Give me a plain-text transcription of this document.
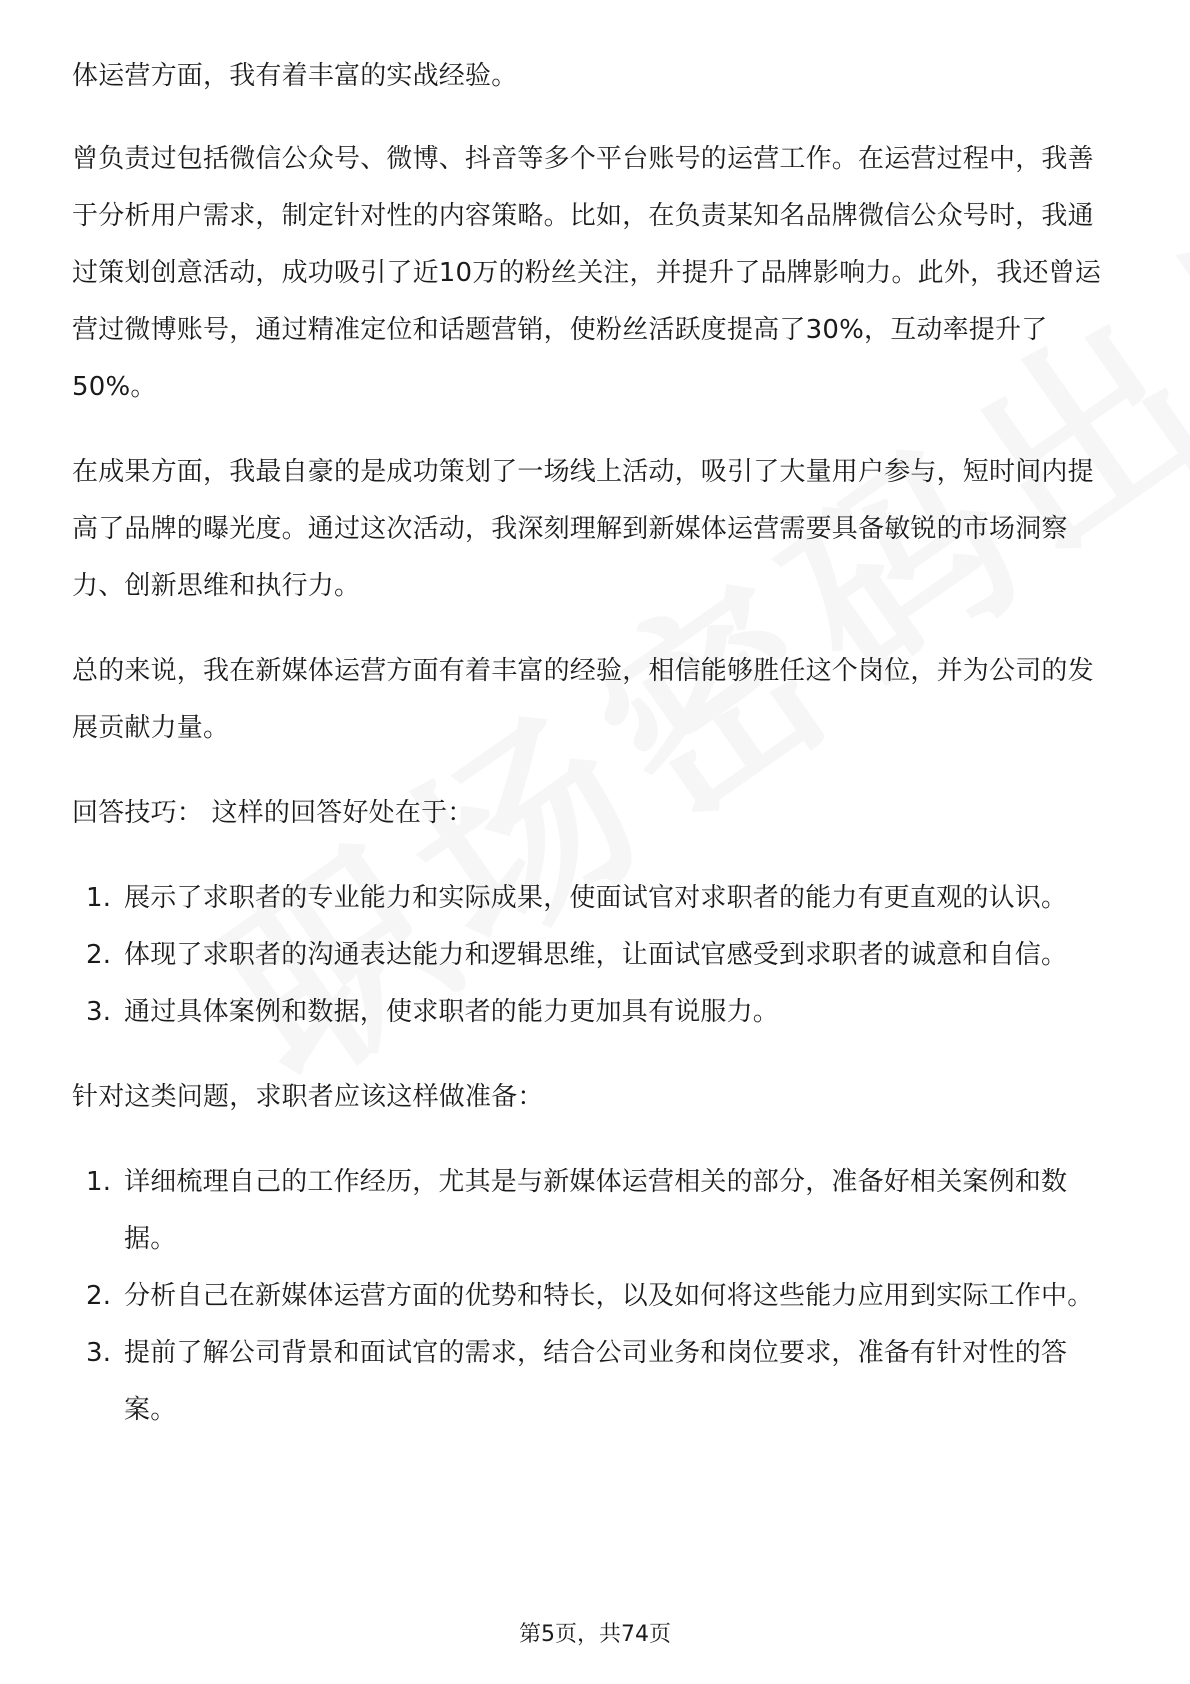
体运营方面，我有着丰富的实战经验。

曾负责过包括微信公众号、微博、抖音等多个平台账号的运营工作。在运营过程中，我善于分析用户需求，制定针对性的内容策略。比如，在负责某知名品牌微信公众号时，我通过策划创意活动，成功吸引了近10万的粉丝关注，并提升了品牌影响力。此外，我还曾运营过微博账号，通过精准定位和话题营销，使粉丝活跃度提高了30%，互动率提升了50%。

在成果方面，我最自豪的是成功策划了一场线上活动，吸引了大量用户参与，短时间内提高了品牌的曝光度。通过这次活动，我深刻理解到新媒体运营需要具备敏锐的市场洞察力、创新思维和执行力。

总的来说，我在新媒体运营方面有着丰富的经验，相信能够胜任这个岗位，并为公司的发展贡献力量。

回答技巧： 这样的回答好处在于：

1. 展示了求职者的专业能力和实际成果，使面试官对求职者的能力有更直观的认识。
2. 体现了求职者的沟通表达能力和逻辑思维，让面试官感受到求职者的诚意和自信。
3. 通过具体案例和数据，使求职者的能力更加具有说服力。

针对这类问题，求职者应该这样做准备：

1. 详细梳理自己的工作经历，尤其是与新媒体运营相关的部分，准备好相关案例和数据。
2. 分析自己在新媒体运营方面的优势和特长，以及如何将这些能力应用到实际工作中。
3. 提前了解公司背景和面试官的需求，结合公司业务和岗位要求，准备有针对性的答案。
第5页，共74页
